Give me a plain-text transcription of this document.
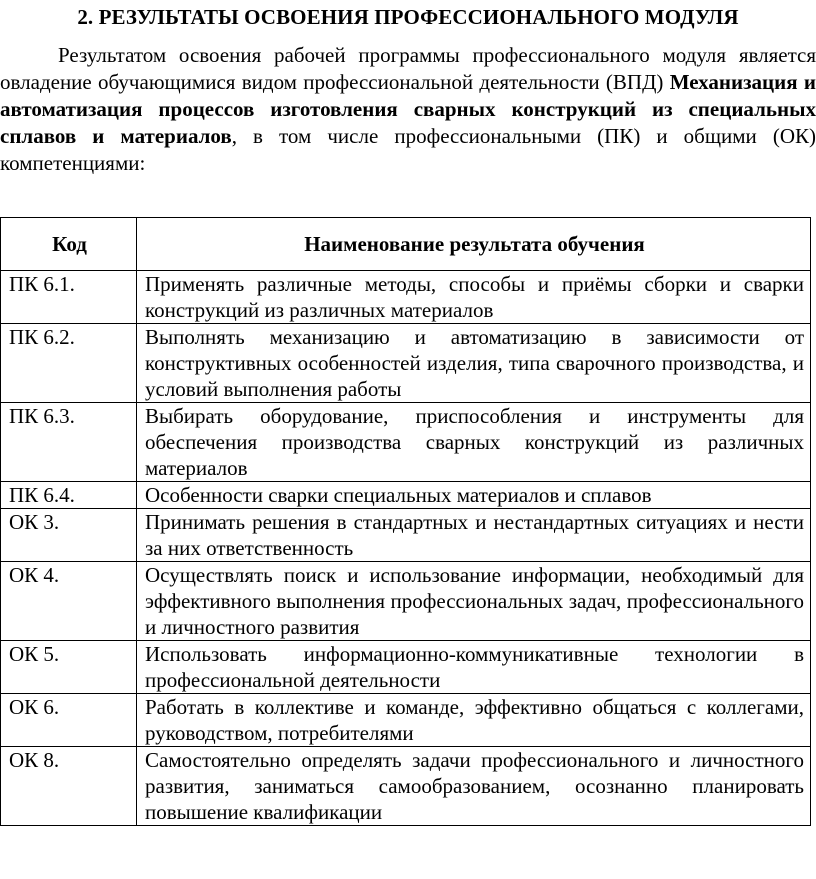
2. РЕЗУЛЬТАТЫ ОСВОЕНИЯ ПРОФЕССИОНАЛЬНОГО МОДУЛЯ

Результатом освоения рабочей программы профессионального модуля является овладение обучающимися видом профессиональной деятельности (ВПД) Механизация и автоматизация процессов изготовления сварных конструкций из специальных сплавов и материалов, в том числе профессиональными (ПК) и общими (ОК) компетенциями:

Код	Наименование результата обучения
ПК 6.1.	Применять различные методы, способы и приёмы сборки и сварки конструкций из различных материалов
ПК 6.2.	Выполнять механизацию и автоматизацию в зависимости от конструктивных особенностей изделия, типа сварочного производства, и условий выполнения работы
ПК 6.3.	Выбирать оборудование, приспособления и инструменты для обеспечения производства сварных конструкций из различных материалов
ПК 6.4.	Особенности сварки специальных материалов и сплавов
ОК 3.	Принимать решения в стандартных и нестандартных ситуациях и нести за них ответственность
ОК 4.	Осуществлять поиск и использование информации, необходимый для эффективного выполнения профессиональных задач, профессионального и личностного развития
ОК 5.	Использовать информационно-коммуникативные технологии в профессиональной деятельности
ОК 6.	Работать в коллективе и команде, эффективно общаться с коллегами, руководством, потребителями
ОК 8.	Самостоятельно определять задачи профессионального и личностного развития, заниматься самообразованием, осознанно планировать повышение квалификации
